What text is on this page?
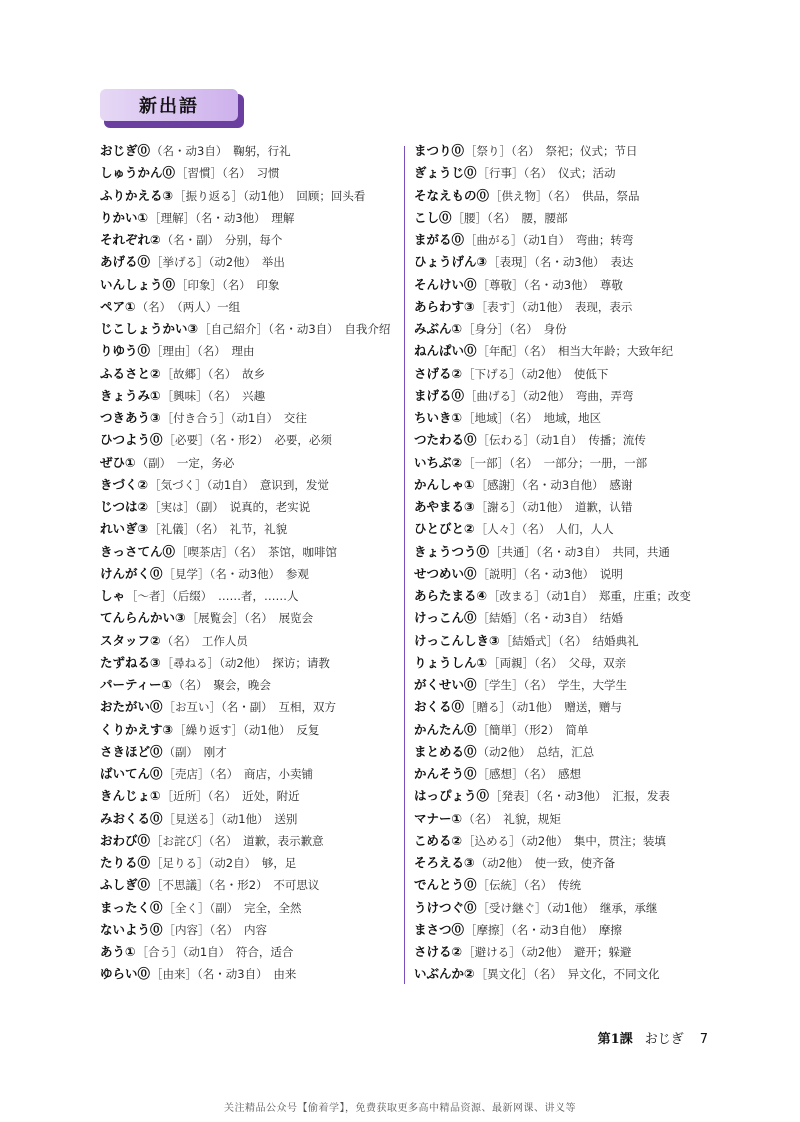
新出語
おじぎ⓪（名・动3自）　鞠躬，行礼
しゅうかん⓪［習慣］（名）　习惯
ふりかえる③［振り返る］（动1他）　回顾；回头看
りかい①［理解］（名・动3他）　理解
それぞれ②（名・副）　分别，每个
あげる⓪［挙げる］（动2他）　举出
いんしょう⓪［印象］（名）　印象
ペア①（名）　（两人）一组
じこしょうかい③［自己紹介］（名・动3自）　自我介绍
りゆう⓪［理由］（名）　理由
ふるさと②［故郷］（名）　故乡
きょうみ①［興味］（名）　兴趣
つきあう③［付き合う］（动1自）　交往
ひつよう⓪［必要］（名・形2）　必要，必须
ぜひ①（副）　一定，务必
きづく②［気づく］（动1自）　意识到，发觉
じつは②［実は］（副）　说真的，老实说
れいぎ③［礼儀］（名）　礼节，礼貌
きっさてん⓪［喫茶店］（名）　茶馆，咖啡馆
けんがく⓪［見学］（名・动3他）　参观
しゃ［～者］（后缀）　……者，……人
てんらんかい③［展覧会］（名）　展览会
スタッフ②（名）　工作人员
たずねる③［尋ねる］（动2他）　探访；请教
パーティー①（名）　聚会，晚会
おたがい⓪［お互い］（名・副）　互相，双方
くりかえす③［繰り返す］（动1他）　反复
さきほど⓪（副）　刚才
ばいてん⓪［売店］（名）　商店，小卖铺
きんじょ①［近所］（名）　近处，附近
みおくる⓪［見送る］（动1他）　送别
おわび⓪［お詫び］（名）　道歉，表示歉意
たりる⓪［足りる］（动2自）　够，足
ふしぎ⓪［不思議］（名・形2）　不可思议
まったく⓪［全く］（副）　完全，全然
ないよう⓪［内容］（名）　内容
あう①［合う］（动1自）　符合，适合
ゆらい⓪［由来］（名・动3自）　由来
まつり⓪［祭り］（名）　祭祀；仪式；节日
ぎょうじ⓪［行事］（名）　仪式；活动
そなえもの⓪［供え物］（名）　供品，祭品
こし⓪［腰］（名）　腰，腰部
まがる⓪［曲がる］（动1自）　弯曲；转弯
ひょうげん③［表現］（名・动3他）　表达
そんけい⓪［尊敬］（名・动3他）　尊敬
あらわす③［表す］（动1他）　表现，表示
みぶん①［身分］（名）　身份
ねんぱい⓪［年配］（名）　相当大年龄；大致年纪
さげる②［下げる］（动2他）　使低下
まげる⓪［曲げる］（动2他）　弯曲，弄弯
ちいき①［地域］（名）　地域，地区
つたわる⓪［伝わる］（动1自）　传播；流传
いちぶ②［一部］（名）　一部分；一册，一部
かんしゃ①［感謝］（名・动3自他）　感谢
あやまる③［謝る］（动1他）　道歉，认错
ひとびと②［人々］（名）　人们，人人
きょうつう⓪［共通］（名・动3自）　共同，共通
せつめい⓪［説明］（名・动3他）　说明
あらたまる④［改まる］（动1自）　郑重，庄重；改变
けっこん⓪［結婚］（名・动3自）　结婚
けっこんしき③［結婚式］（名）　结婚典礼
りょうしん①［両親］（名）　父母，双亲
がくせい⓪［学生］（名）　学生，大学生
おくる⓪［贈る］（动1他）　赠送，赠与
かんたん⓪［簡単］（形2）　简单
まとめる⓪（动2他）　总结，汇总
かんそう⓪［感想］（名）　感想
はっぴょう⓪［発表］（名・动3他）　汇报，发表
マナー①（名）　礼貌，规矩
こめる②［込める］（动2他）　集中，贯注；装填
そろえる③（动2他）　使一致，使齐备
でんとう⓪［伝統］（名）　传统
うけつぐ⓪［受け継ぐ］（动1他）　继承，承继
まさつ⓪［摩擦］（名・动3自他）　摩擦
さける②［避ける］（动2他）　避开；躲避
いぶんか②［異文化］（名）　异文化，不同文化
第1課 おじぎ 7
关注精品公众号【偷着学】，免费获取更多高中精品资源、最新网课、讲义等
